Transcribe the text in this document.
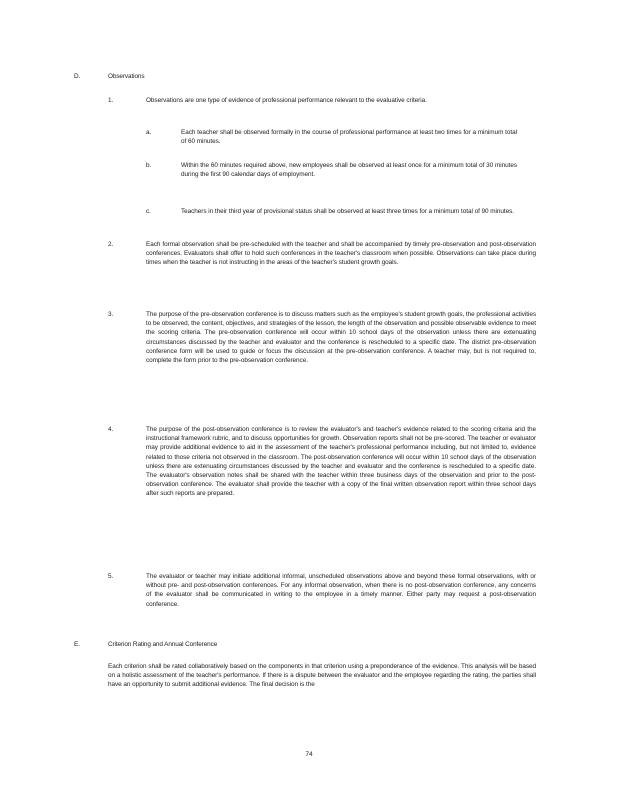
D.	Observations
1.	Observations are one type of evidence of professional performance relevant to the evaluative criteria.
a.	Each teacher shall be observed formally in the course of professional performance at least two times for a minimum total of 60 minutes.
b.	Within the 60 minutes required above, new employees shall be observed at least once for a minimum total of 30 minutes during the first 90 calendar days of employment.
c.	Teachers in their third year of provisional status shall be observed at least three times for a minimum total of 90 minutes.
2.	Each formal observation shall be pre-scheduled with the teacher and shall be accompanied by timely pre-observation and post-observation conferences. Evaluators shall offer to hold such conferences in the teacher's classroom when possible. Observations can take place during times when the teacher is not instructing in the areas of the teacher's student growth goals.
3.	The purpose of the pre-observation conference is to discuss matters such as the employee's student growth goals, the professional activities to be observed, the content, objectives, and strategies of the lesson, the length of the observation and possible observable evidence to meet the scoring criteria. The pre-observation conference will occur within 10 school days of the observation unless there are extenuating circumstances discussed by the teacher and evaluator and the conference is rescheduled to a specific date. The district pre-observation conference form will be used to guide or focus the discussion at the pre-observation conference. A teacher may, but is not required to, complete the form prior to the pre-observation conference.
4.	The purpose of the post-observation conference is to review the evaluator's and teacher's evidence related to the scoring criteria and the instructional framework rubric, and to discuss opportunities for growth. Observation reports shall not be pre-scored. The teacher or evaluator may provide additional evidence to aid in the assessment of the teacher's professional performance including, but not limited to, evidence related to those criteria not observed in the classroom. The post-observation conference will occur within 10 school days of the observation unless there are extenuating circumstances discussed by the teacher and evaluator and the conference is rescheduled to a specific date. The evaluator's observation notes shall be shared with the teacher within three business days of the observation and prior to the post-observation conference. The evaluator shall provide the teacher with a copy of the final written observation report within three school days after such reports are prepared.
5.	The evaluator or teacher may initiate additional informal, unscheduled observations above and beyond these formal observations, with or without pre- and post-observation conferences. For any informal observation, when there is no post-observation conference, any concerns of the evaluator shall be communicated in writing to the employee in a timely manner. Either party may request a post-observation conference.
E.	Criterion Rating and Annual Conference
Each criterion shall be rated collaboratively based on the components in that criterion using a preponderance of the evidence. This analysis will be based on a holistic assessment of the teacher's performance. If there is a dispute between the evaluator and the employee regarding the rating, the parties shall have an opportunity to submit additional evidence. The final decision is the
74
